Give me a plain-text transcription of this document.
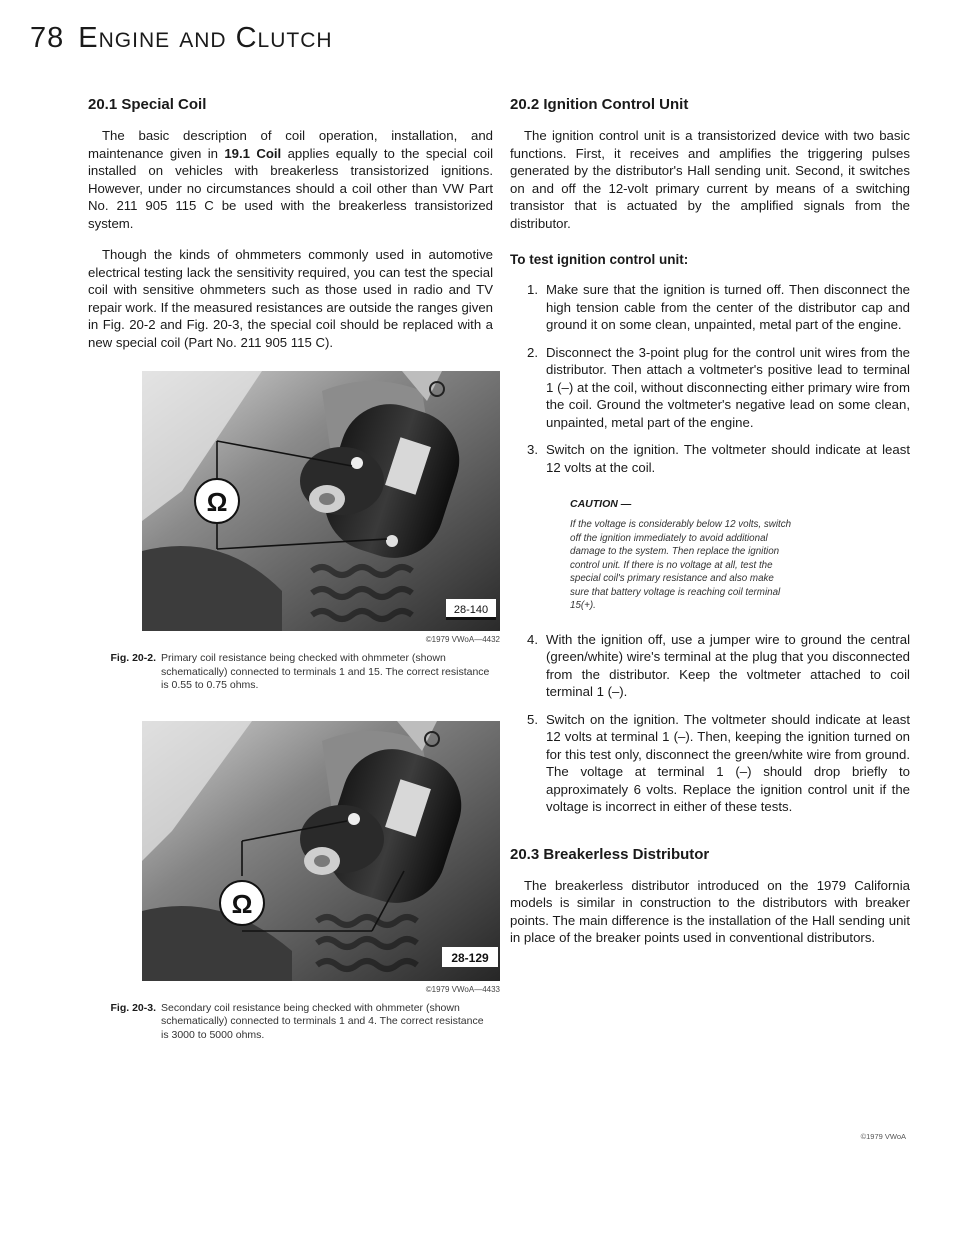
78 ENGINE AND CLUTCH
20.1 Special Coil

The basic description of coil operation, installation, and maintenance given in 19.1 Coil applies equally to the special coil installed on vehicles with breakerless transistorized ignitions. However, under no circumstances should a coil other than VW Part No. 211 905 115 C be used with the breakerless transistorized system.

Though the kinds of ohmmeters commonly used in automotive electrical testing lack the sensitivity required, you can test the special coil with sensitive ohmmeters such as those used in radio and TV repair work. If the measured resistances are outside the ranges given in Fig. 20-2 and Fig. 20-3, the special coil should be replaced with a new special coil (Part No. 211 905 115 C).

Ω
28-140
©1979 VWoA—4432
Fig. 20-2. Primary coil resistance being checked with ohmmeter (shown schematically) connected to terminals 1 and 15. The correct resistance is 0.55 to 0.75 ohms.
Ω
28-129
©1979 VWoA—4433
Fig. 20-3. Secondary coil resistance being checked with ohmmeter (shown schematically) connected to terminals 1 and 4. The correct resistance is 3000 to 5000 ohms.
20.2 Ignition Control Unit

The ignition control unit is a transistorized device with two basic functions. First, it receives and amplifies the triggering pulses generated by the distributor's Hall sending unit. Second, it switches on and off the 12-volt primary current by means of a switching transistor that is actuated by the amplified signals from the distributor.

To test ignition control unit:
1. Make sure that the ignition is turned off. Then disconnect the high tension cable from the center of the distributor cap and ground it on some clean, unpainted, metal part of the engine.
2. Disconnect the 3-point plug for the control unit wires from the distributor. Then attach a voltmeter's positive lead to terminal 1 (–) at the coil, without disconnecting either primary wire from the coil. Ground the voltmeter's negative lead on some clean, unpainted, metal part of the engine.
3. Switch on the ignition. The voltmeter should indicate at least 12 volts at the coil.
CAUTION —
If the voltage is considerably below 12 volts, switch off the ignition immediately to avoid additional damage to the system. Then replace the ignition control unit. If there is no voltage at all, test the special coil's primary resistance and also make sure that battery voltage is reaching coil terminal 15(+).
4. With the ignition off, use a jumper wire to ground the central (green/white) wire's terminal at the plug that you disconnected from the distributor. Keep the voltmeter attached to coil terminal 1 (–).
5. Switch on the ignition. The voltmeter should indicate at least 12 volts at terminal 1 (–). Then, keeping the ignition turned on for this test only, disconnect the green/white wire from ground. The voltage at terminal 1 (–) should drop briefly to approximately 6 volts. Replace the ignition control unit if the voltage is incorrect in either of these tests.
20.3 Breakerless Distributor

The breakerless distributor introduced on the 1979 California models is similar in construction to the distributors with breaker points. The main difference is the installation of the Hall sending unit in place of the breaker points used in conventional distributors.

©1979 VWoA
